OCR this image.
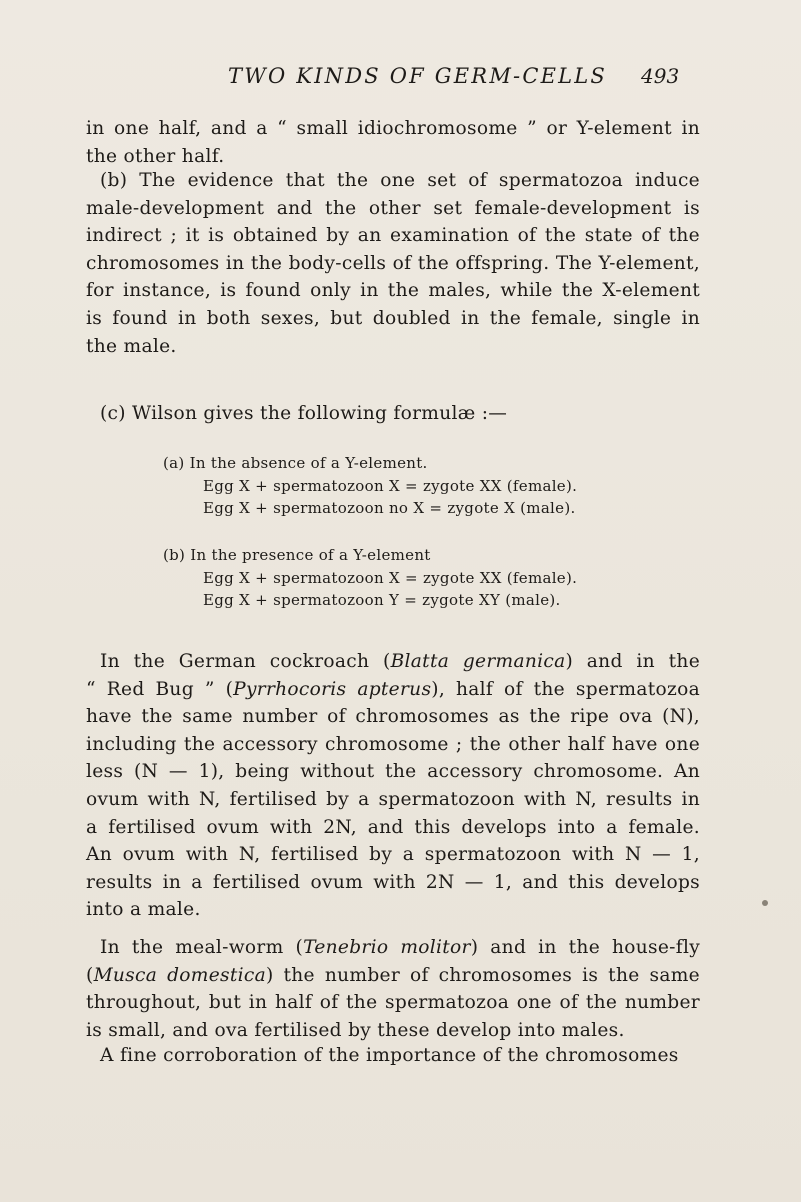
TWO KINDS OF GERM-CELLS 493
in one half, and a “ small idiochromosome ” or Y-element in the other half.
(b) The evidence that the one set of spermatozoa induce
male-development and the other set female-development is
indirect ; it is obtained by an examination of the state of the
chromosomes in the body-cells of the offspring. The Y-element,
for instance, is found only in the males, while the X-element
is found in both sexes, but doubled in the female, single in
the male.
(c) Wilson gives the following formulæ :—
(a) In the absence of a Y-element.
Egg X + spermatozoon X = zygote XX (female).
Egg X + spermatozoon no X = zygote X (male).
(b) In the presence of a Y-element
Egg X + spermatozoon X = zygote XX (female).
Egg X + spermatozoon Y = zygote XY (male).
In the German cockroach (Blatta germanica) and in the
“ Red Bug ” (Pyrrhocoris apterus), half of the spermatozoa
have the same number of chromosomes as the ripe ova (N),
including the accessory chromosome ; the other half have one
less (N — 1), being without the accessory chromosome. An
ovum with N, fertilised by a spermatozoon with N, results in
a fertilised ovum with 2N, and this develops into a female.
An ovum with N, fertilised by a spermatozoon with N — 1,
results in a fertilised ovum with 2N — 1, and this develops
into a male.
In the meal-worm (Tenebrio molitor) and in the house-fly
(Musca domestica) the number of chromosomes is the same
throughout, but in half of the spermatozoa one of the number
is small, and ova fertilised by these develop into males.
A fine corroboration of the importance of the chromosomes
